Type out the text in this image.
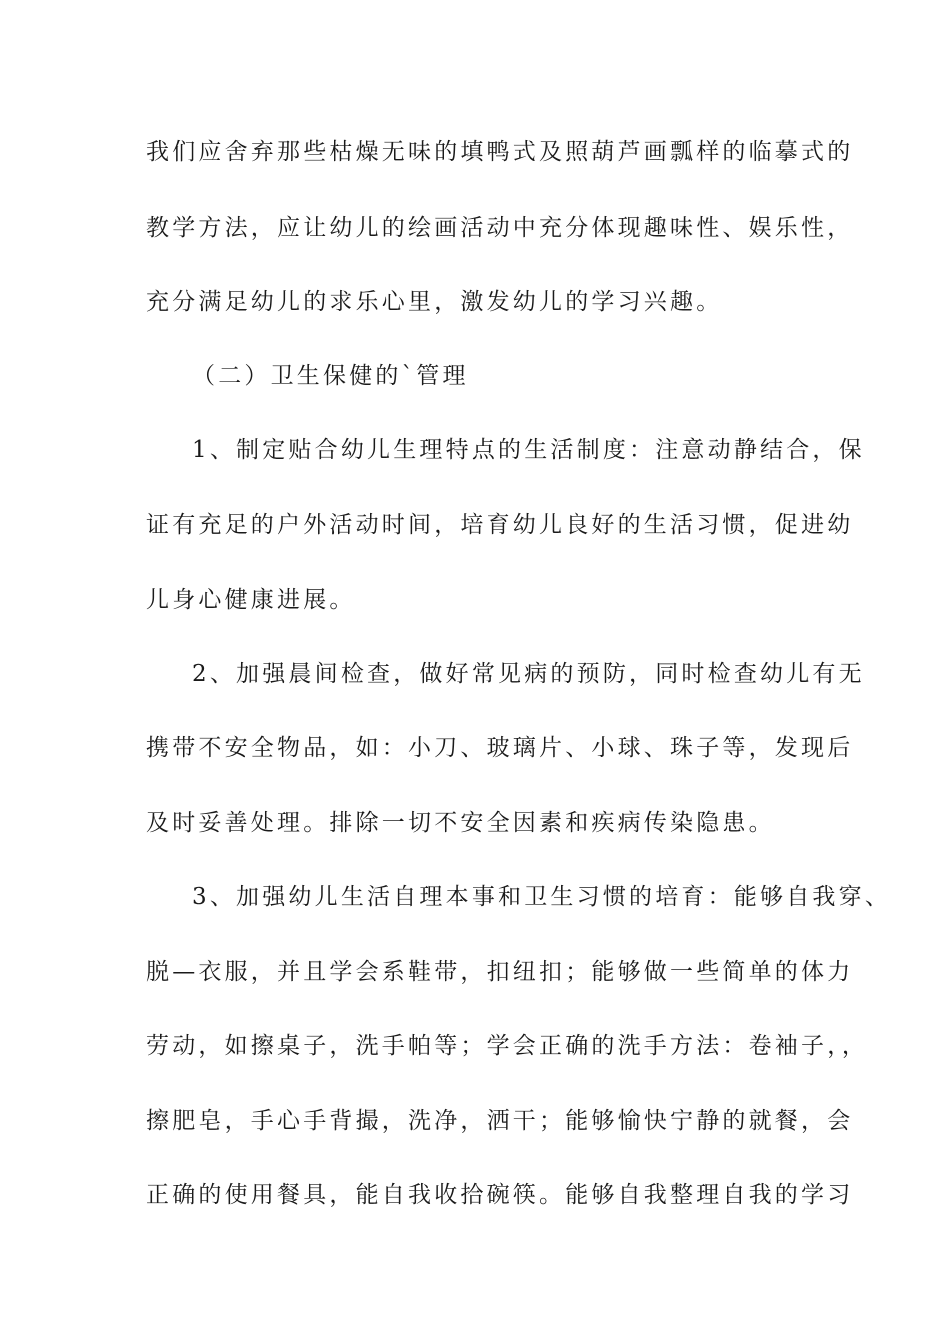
我们应舍弃那些枯燥无味的填鸭式及照葫芦画瓢样的临摹式的
教学方法，应让幼儿的绘画活动中充分体现趣味性、娱乐性，
充分满足幼儿的求乐心里，激发幼儿的学习兴趣。
（二）卫生保健的`管理
1、制定贴合幼儿生理特点的生活制度：注意动静结合，保
证有充足的户外活动时间，培育幼儿良好的生活习惯，促进幼
儿身心健康进展。
2、加强晨间检查，做好常见病的预防，同时检查幼儿有无
携带不安全物品，如：小刀、玻璃片、小球、珠子等，发现后
及时妥善处理。排除一切不安全因素和疾病传染隐患。
3、加强幼儿生活自理本事和卫生习惯的培育：能够自我穿、
脱—衣服，并且学会系鞋带，扣纽扣；能够做一些简单的体力
劳动，如擦桌子，洗手帕等；学会正确的洗手方法：卷袖子，，
擦肥皂，手心手背撮，洗净，洒干；能够愉快宁静的就餐，会
正确的使用餐具，能自我收拾碗筷。能够自我整理自我的学习
